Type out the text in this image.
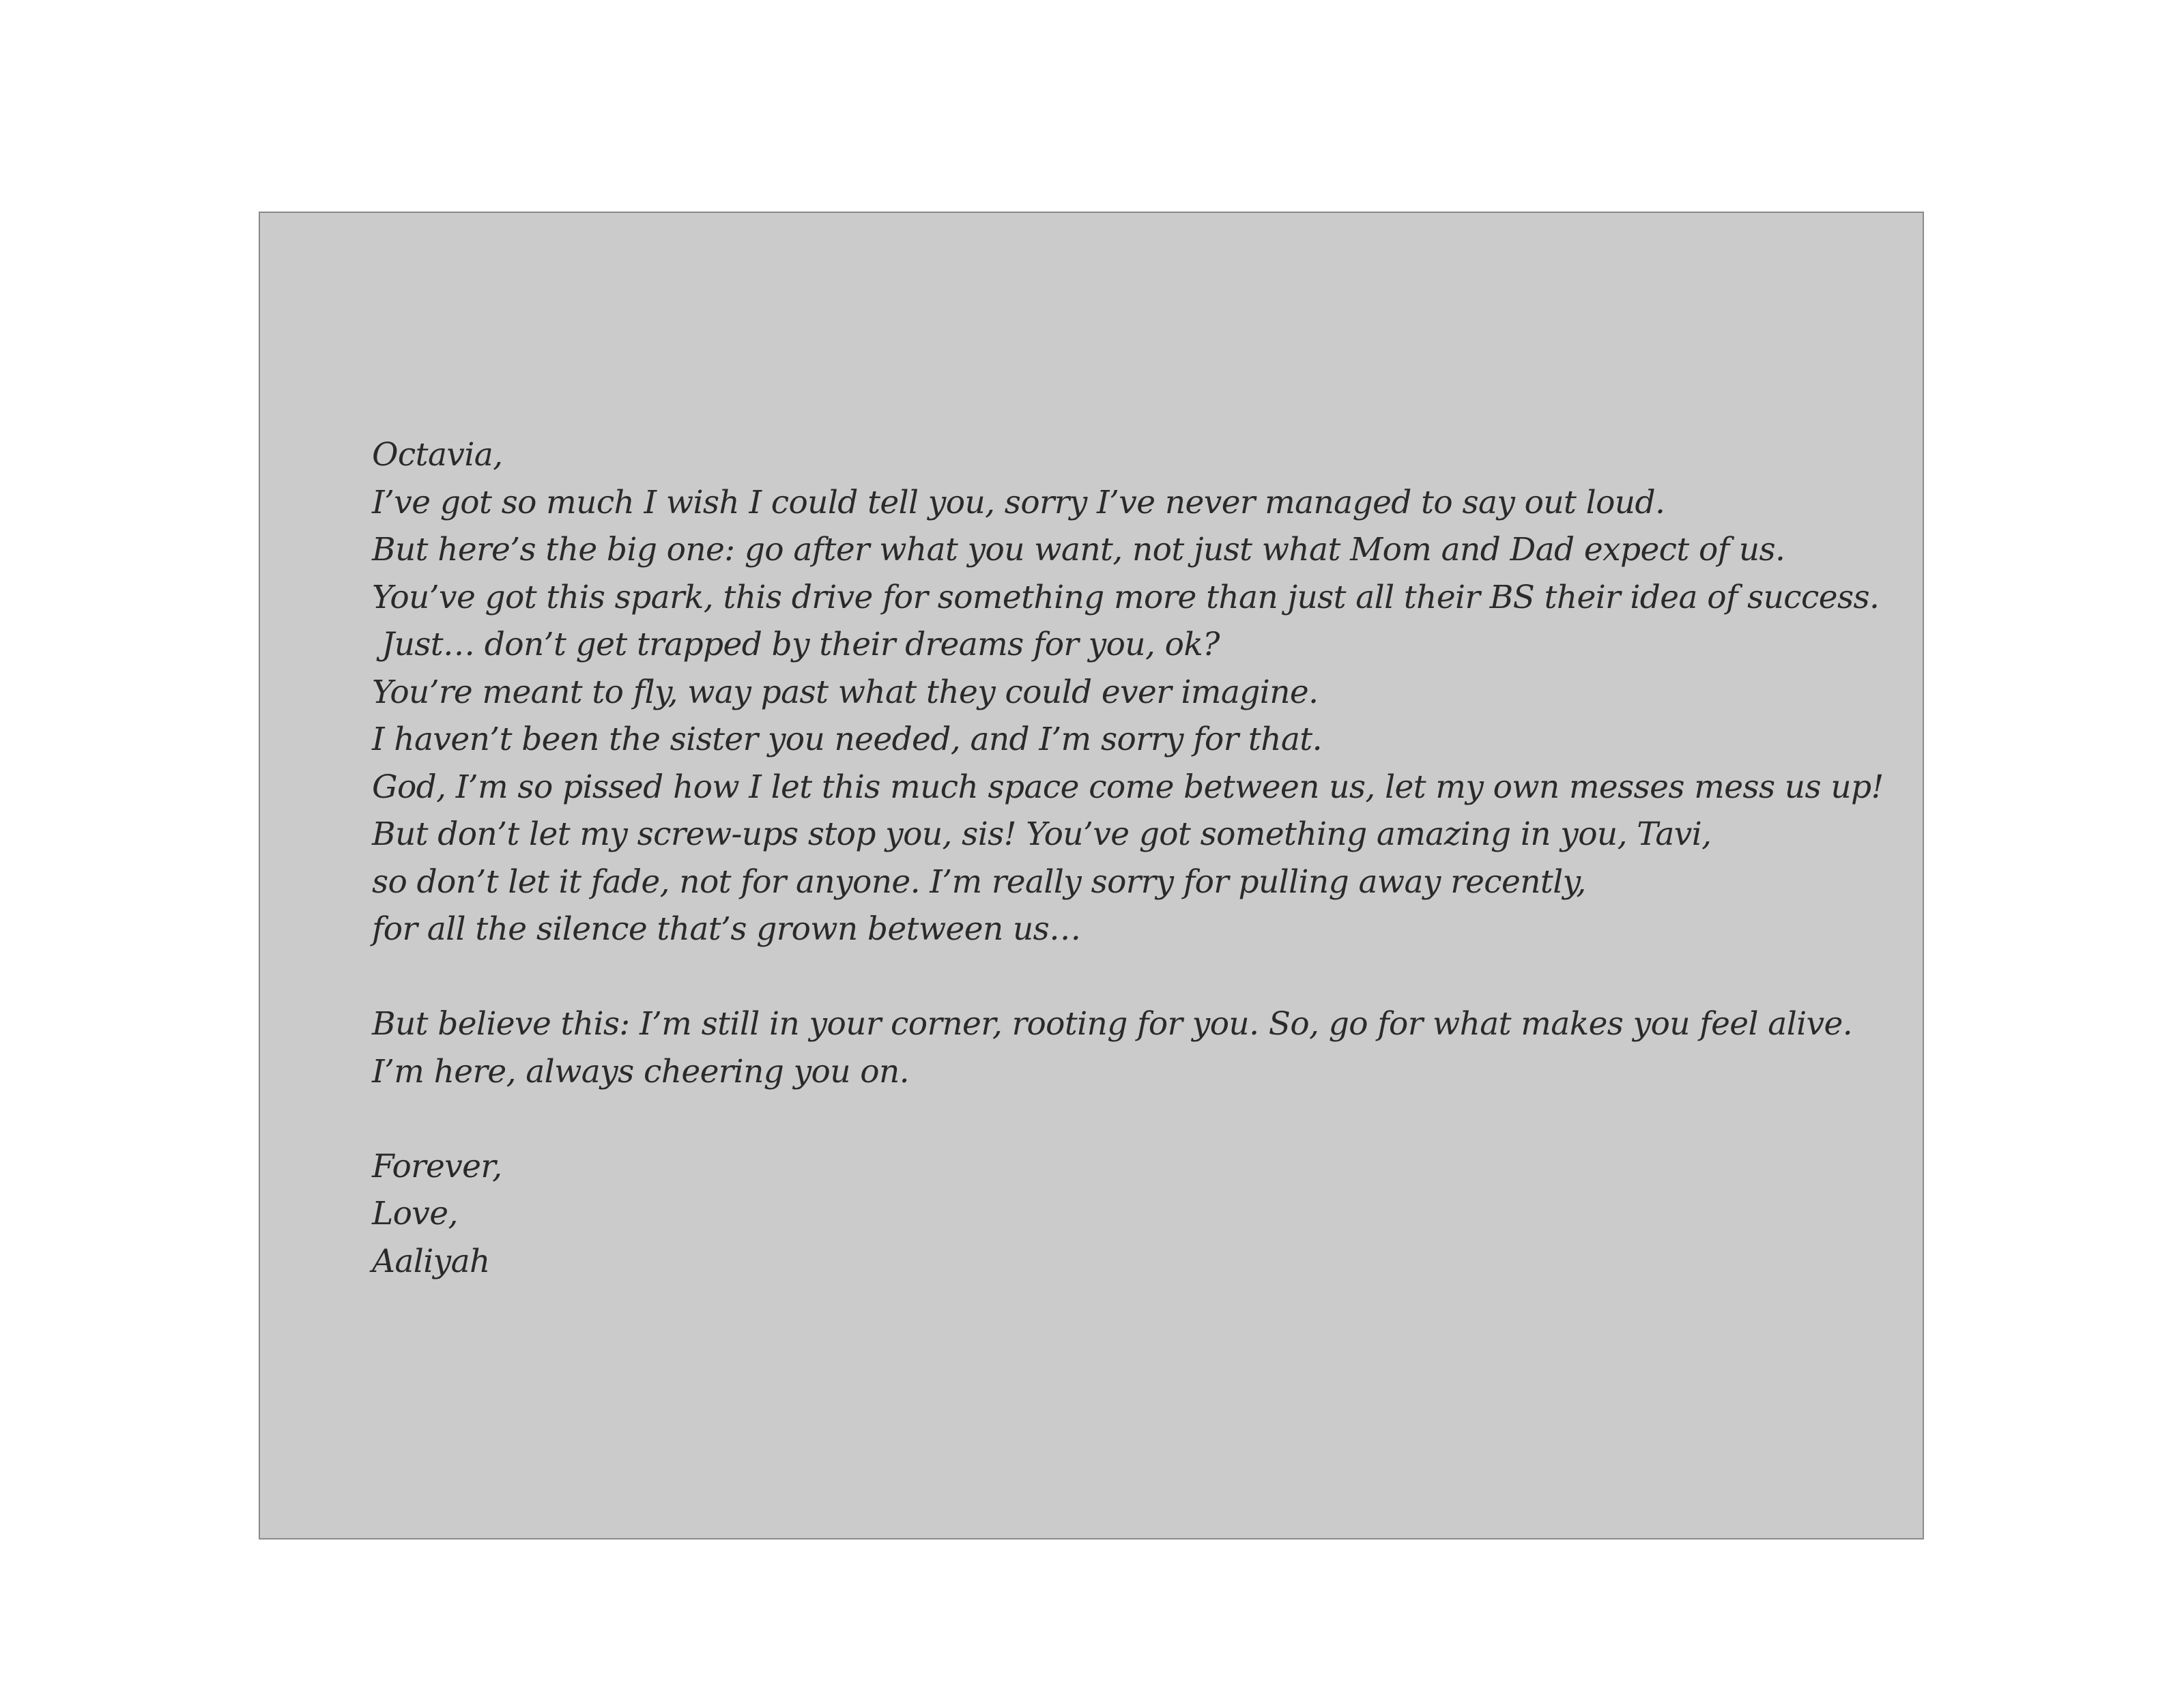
Octavia,
I’ve got so much I wish I could tell you, sorry I’ve never managed to say out loud.
But here’s the big one: go after what you want, not just what Mom and Dad expect of us.
You’ve got this spark, this drive for something more than just all their BS their idea of success.
Just… don’t get trapped by their dreams for you, ok?
You’re meant to fly, way past what they could ever imagine.
I haven’t been the sister you needed, and I’m sorry for that.
God, I’m so pissed how I let this much space come between us, let my own messes mess us up!
But don’t let my screw-ups stop you, sis! You’ve got something amazing in you, Tavi,
so don’t let it fade, not for anyone. I’m really sorry for pulling away recently,
for all the silence that’s grown between us…
But believe this: I’m still in your corner, rooting for you. So, go for what makes you feel alive.
I’m here, always cheering you on.
Forever,
Love,
Aaliyah
